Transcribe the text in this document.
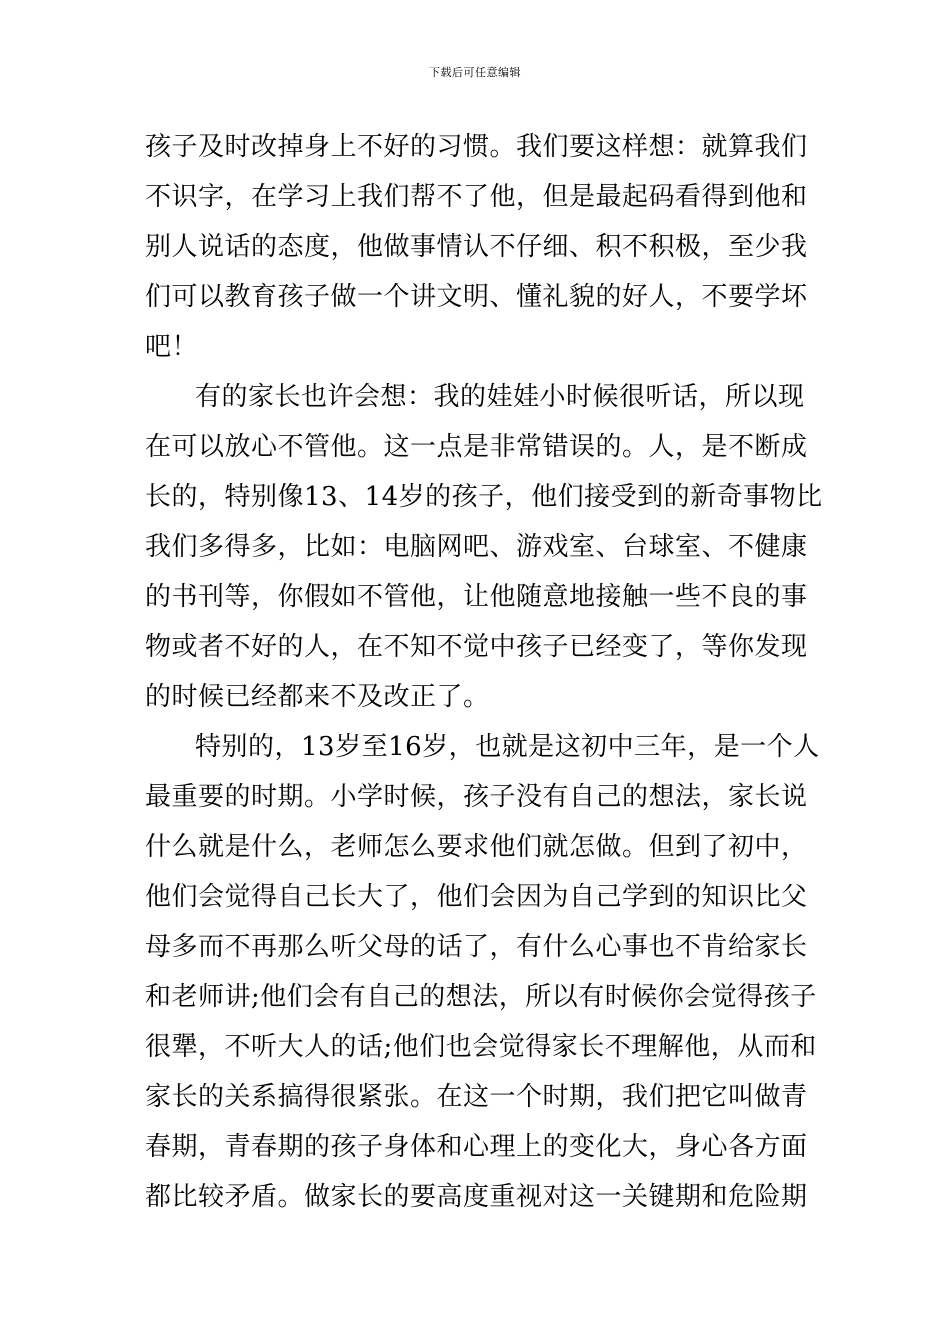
下载后可任意编辑
孩子及时改掉身上不好的习惯。我们要这样想：就算我们
不识字，在学习上我们帮不了他，但是最起码看得到他和
别人说话的态度，他做事情认不仔细、积不积极，至少我
们可以教育孩子做一个讲文明、懂礼貌的好人，不要学坏
吧！
有的家长也许会想：我的娃娃小时候很听话，所以现
在可以放心不管他。这一点是非常错误的。人，是不断成
长的，特别像13、14岁的孩子，他们接受到的新奇事物比
我们多得多，比如：电脑网吧、游戏室、台球室、不健康
的书刊等，你假如不管他，让他随意地接触一些不良的事
物或者不好的人，在不知不觉中孩子已经变了，等你发现
的时候已经都来不及改正了。
特别的，13岁至16岁，也就是这初中三年，是一个人
最重要的时期。小学时候，孩子没有自己的想法，家长说
什么就是什么，老师怎么要求他们就怎做。但到了初中，
他们会觉得自己长大了，他们会因为自己学到的知识比父
母多而不再那么听父母的话了，有什么心事也不肯给家长
和老师讲;他们会有自己的想法，所以有时候你会觉得孩子
很犟，不听大人的话;他们也会觉得家长不理解他，从而和
家长的关系搞得很紧张。在这一个时期，我们把它叫做青
春期，青春期的孩子身体和心理上的变化大，身心各方面
都比较矛盾。做家长的要高度重视对这一关键期和危险期
